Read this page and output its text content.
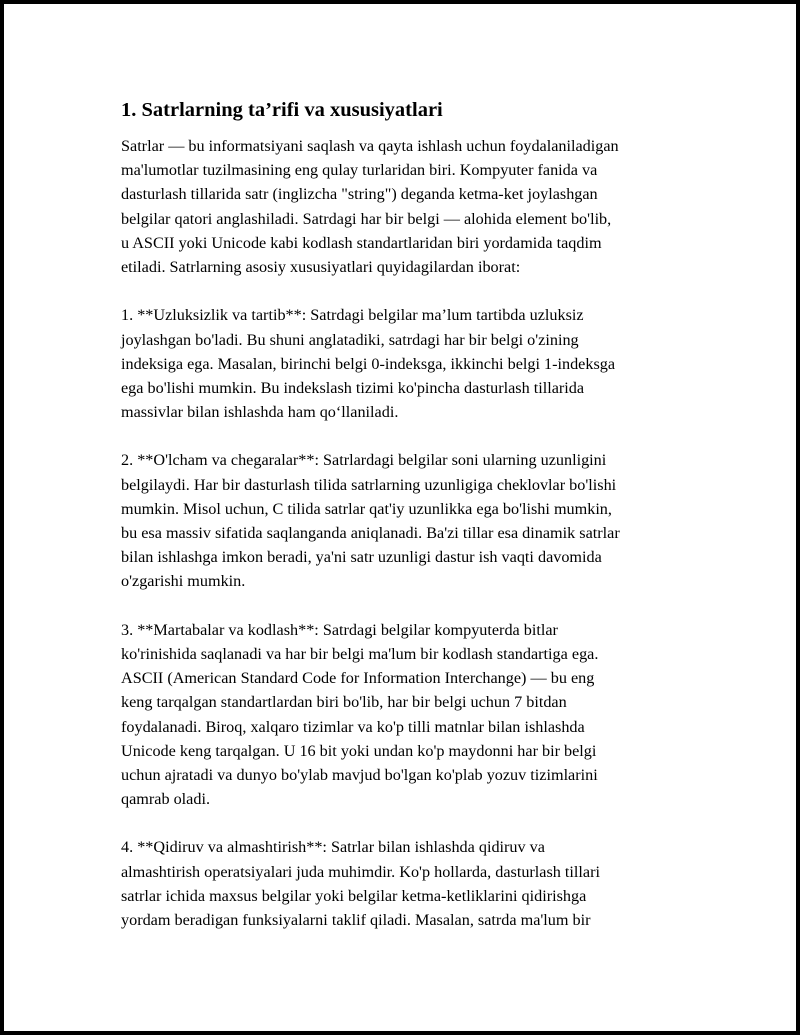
1. Satrlarning ta’rifi va xususiyatlari

Satrlar — bu informatsiyani saqlash va qayta ishlash uchun foydalaniladigan
ma'lumotlar tuzilmasining eng qulay turlaridan biri. Kompyuter fanida va
dasturlash tillarida satr (inglizcha "string") deganda ketma-ket joylashgan
belgilar qatori anglashiladi. Satrdagi har bir belgi — alohida element bo'lib,
u ASCII yoki Unicode kabi kodlash standartlaridan biri yordamida taqdim
etiladi. Satrlarning asosiy xususiyatlari quyidagilardan iborat:

1. **Uzluksizlik va tartib**: Satrdagi belgilar ma’lum tartibda uzluksiz
joylashgan bo'ladi. Bu shuni anglatadiki, satrdagi har bir belgi o'zining
indeksiga ega. Masalan, birinchi belgi 0-indeksga, ikkinchi belgi 1-indeksga
ega bo'lishi mumkin. Bu indekslash tizimi ko'pincha dasturlash tillarida
massivlar bilan ishlashda ham qo‘llaniladi.

2. **O'lcham va chegaralar**: Satrlardagi belgilar soni ularning uzunligini
belgilaydi. Har bir dasturlash tilida satrlarning uzunligiga cheklovlar bo'lishi
mumkin. Misol uchun, C tilida satrlar qat'iy uzunlikka ega bo'lishi mumkin,
bu esa massiv sifatida saqlanganda aniqlanadi. Ba'zi tillar esa dinamik satrlar
bilan ishlashga imkon beradi, ya'ni satr uzunligi dastur ish vaqti davomida
o'zgarishi mumkin.

3. **Martabalar va kodlash**: Satrdagi belgilar kompyuterda bitlar
ko'rinishida saqlanadi va har bir belgi ma'lum bir kodlash standartiga ega.
ASCII (American Standard Code for Information Interchange) — bu eng
keng tarqalgan standartlardan biri bo'lib, har bir belgi uchun 7 bitdan
foydalanadi. Biroq, xalqaro tizimlar va ko'p tilli matnlar bilan ishlashda
Unicode keng tarqalgan. U 16 bit yoki undan ko'p maydonni har bir belgi
uchun ajratadi va dunyo bo'ylab mavjud bo'lgan ko'plab yozuv tizimlarini
qamrab oladi.

4. **Qidiruv va almashtirish**: Satrlar bilan ishlashda qidiruv va
almashtirish operatsiyalari juda muhimdir. Ko'p hollarda, dasturlash tillari
satrlar ichida maxsus belgilar yoki belgilar ketma-ketliklarini qidirishga
yordam beradigan funksiyalarni taklif qiladi. Masalan, satrda ma'lum bir
